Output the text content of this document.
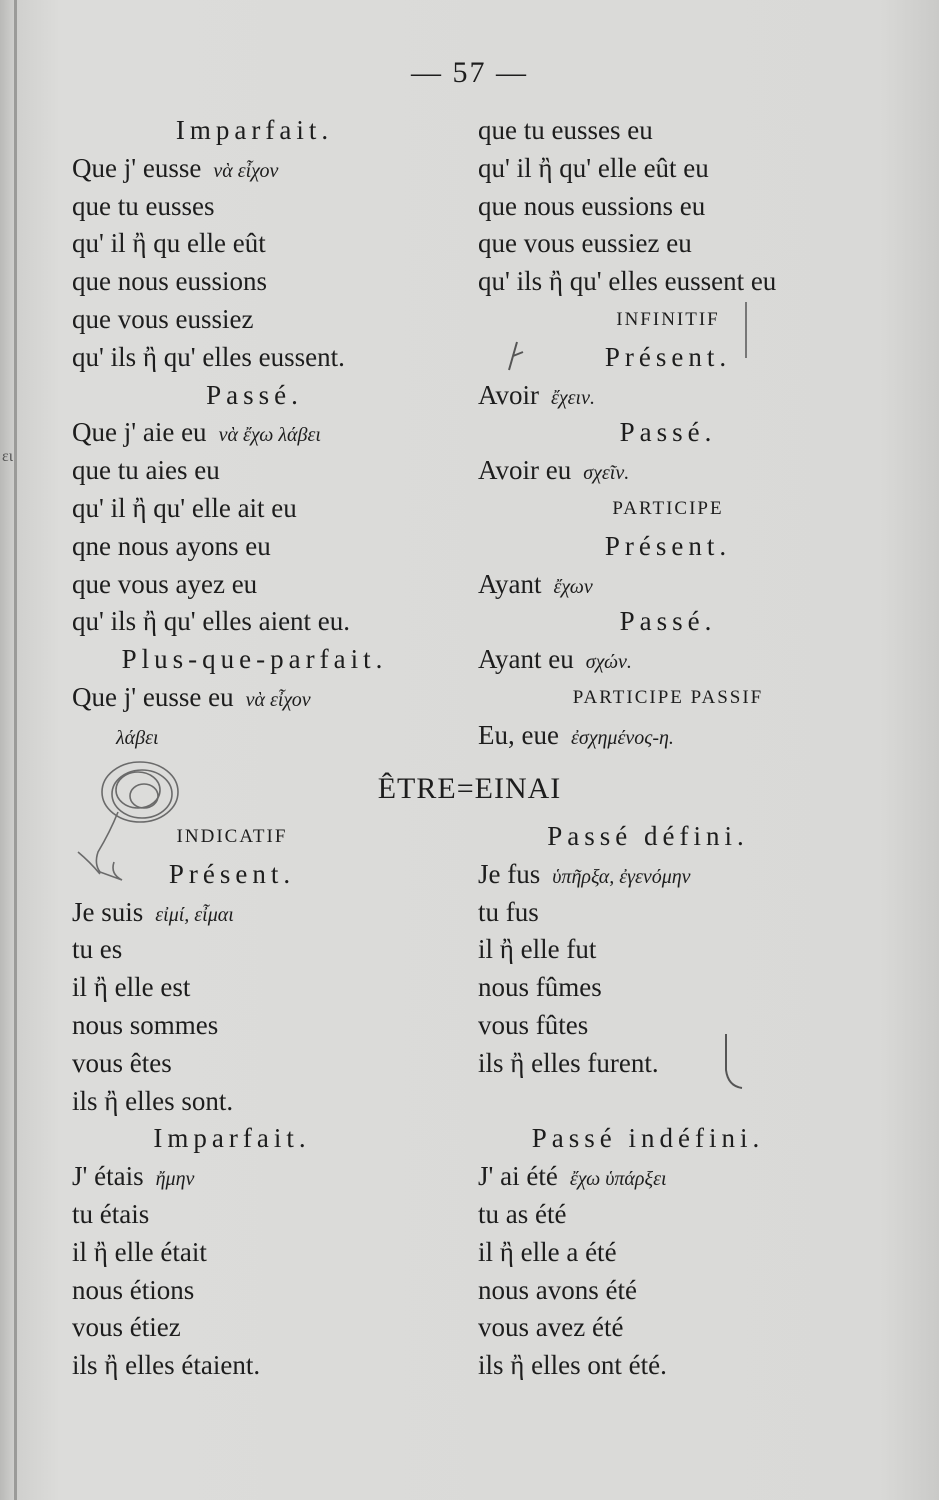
ει
— 57 —
Imparfait.
Que j' eusse νὰ εἶχον
que tu eusses
qu' il ἢ qu elle eût
que nous eussions
que vous eussiez
qu' ils ἢ qu' elles eussent.
Passé.
Que j' aie eu νὰ ἔχω λάβει
que tu aies eu
qu' il ἢ qu' elle ait eu
qne nous ayons eu
que vous ayez eu
qu' ils ἢ qu' elles aient eu.
Plus-que-parfait.
Que j' eusse eu νὰ εἶχον
λάβει
que tu eusses eu
qu' il ἢ qu' elle eût eu
que nous eussions eu
que vous eussiez eu
qu' ils ἢ qu' elles eussent eu
INFINITIF
Présent.
Avoir ἔχειν.
Passé.
Avoir eu σχεῖν.
PARTICIPE
Présent.
Ayant ἔχων
Passé.
Ayant eu σχών.
PARTICIPE PASSIF
Eu, eue ἐσχημένος-η.
ÊTRE=EINAI
INDICATIF
Présent.
Je suis εἰμί, εἶμαι
tu es
il ἢ elle est
nous sommes
vous êtes
ils ἢ elles sont.
Imparfait.
J' étais ἤμην
tu étais
il ἢ elle était
nous étions
vous étiez
ils ἢ elles étaient.
Passé défini.
Je fus ὑπῆρξα, ἐγενόμην
tu fus
il ἢ elle fut
nous fûmes
vous fûtes
ils ἢ elles furent.
Passé indéfini.
J' ai été ἔχω ὑπάρξει
tu as été
il ἢ elle a été
nous avons été
vous avez été
ils ἢ elles ont été.
